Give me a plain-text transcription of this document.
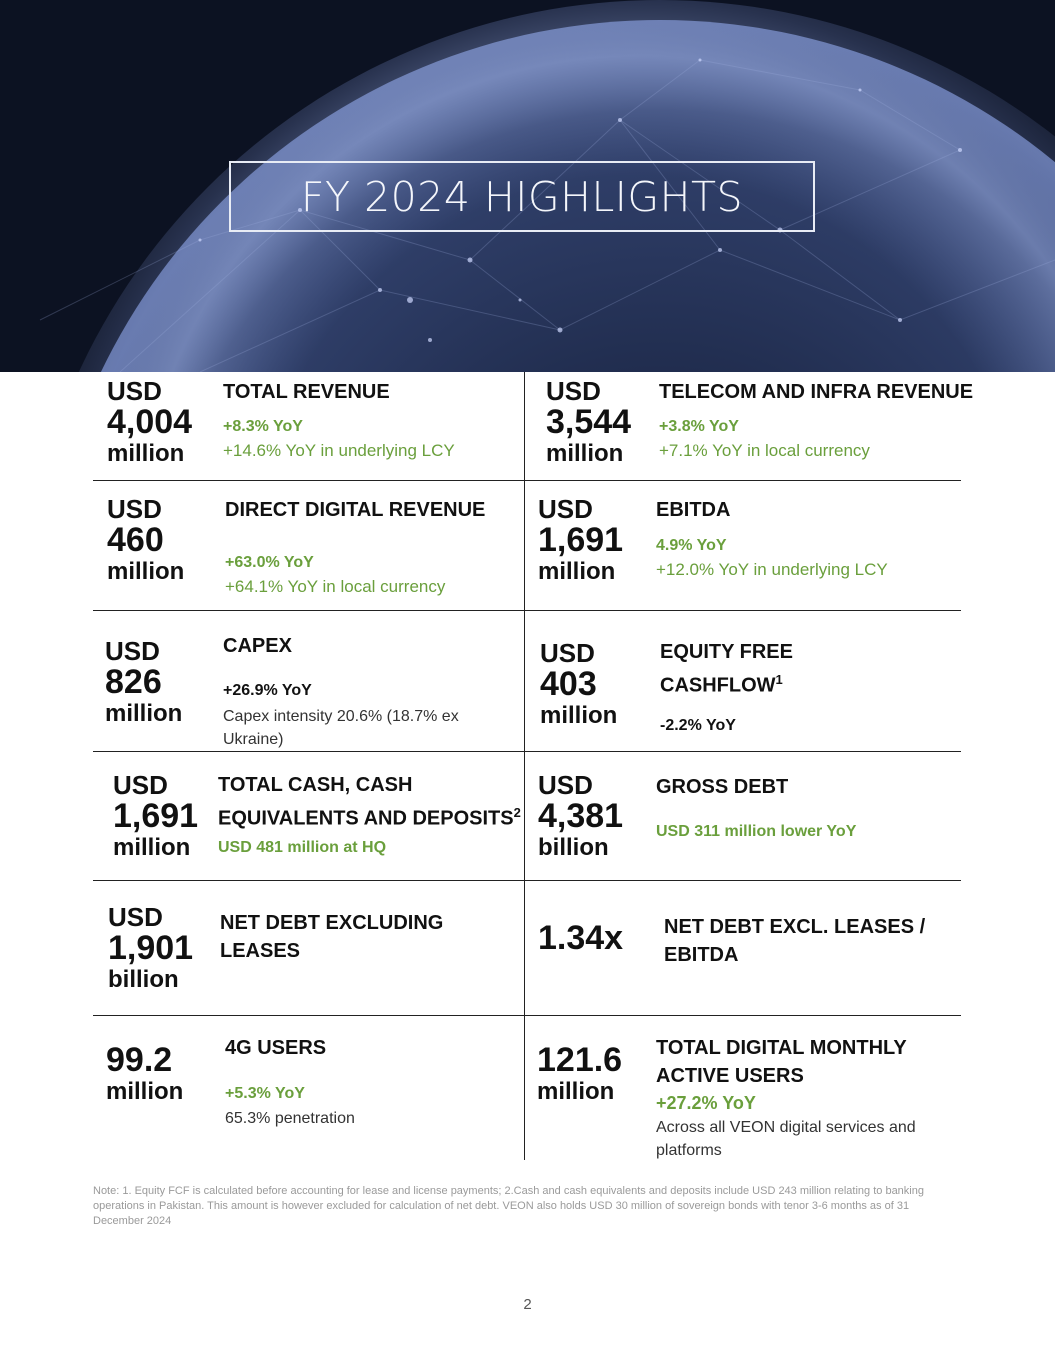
FY 2024 HIGHLIGHTS
USD
4,004
million
TOTAL REVENUE
+8.3% YoY
+14.6% YoY in underlying LCY
USD
3,544
million
TELECOM AND INFRA REVENUE
+3.8% YoY
+7.1% YoY in local currency
USD
460
million
DIRECT DIGITAL REVENUE
+63.0% YoY
+64.1% YoY in local currency
USD
1,691
million
EBITDA
4.9% YoY
+12.0% YoY in underlying LCY
USD
826
million
CAPEX
+26.9% YoY
Capex intensity 20.6% (18.7% ex Ukraine)
USD
403
million
EQUITY FREE
CASHFLOW$^1$
-2.2% YoY
USD
1,691
million
TOTAL CASH, CASH
EQUIVALENTS AND DEPOSITS$^2$
USD 481 million at HQ
USD
4,381
billion
GROSS DEBT
USD 311 million lower YoY
USD
1,901
billion
NET DEBT EXCLUDING
LEASES	1.34x NET DEBT EXCL. LEASES /
EBITDA
99.2
million
4G USERS
+5.3% YoY
65.3% penetration
121.6
million
TOTAL DIGITAL MONTHLY
ACTIVE USERS
+27.2% YoY
Across all VEON digital services and platforms
Note: 1. Equity FCF is calculated before accounting for lease and license payments; 2.Cash and cash equivalents and deposits include USD 243 million relating to banking operations in Pakistan. This amount is however excluded for calculation of net debt. VEON also holds USD 30 million of sovereign bonds with tenor 3-6 months as of 31 December 2024
2
